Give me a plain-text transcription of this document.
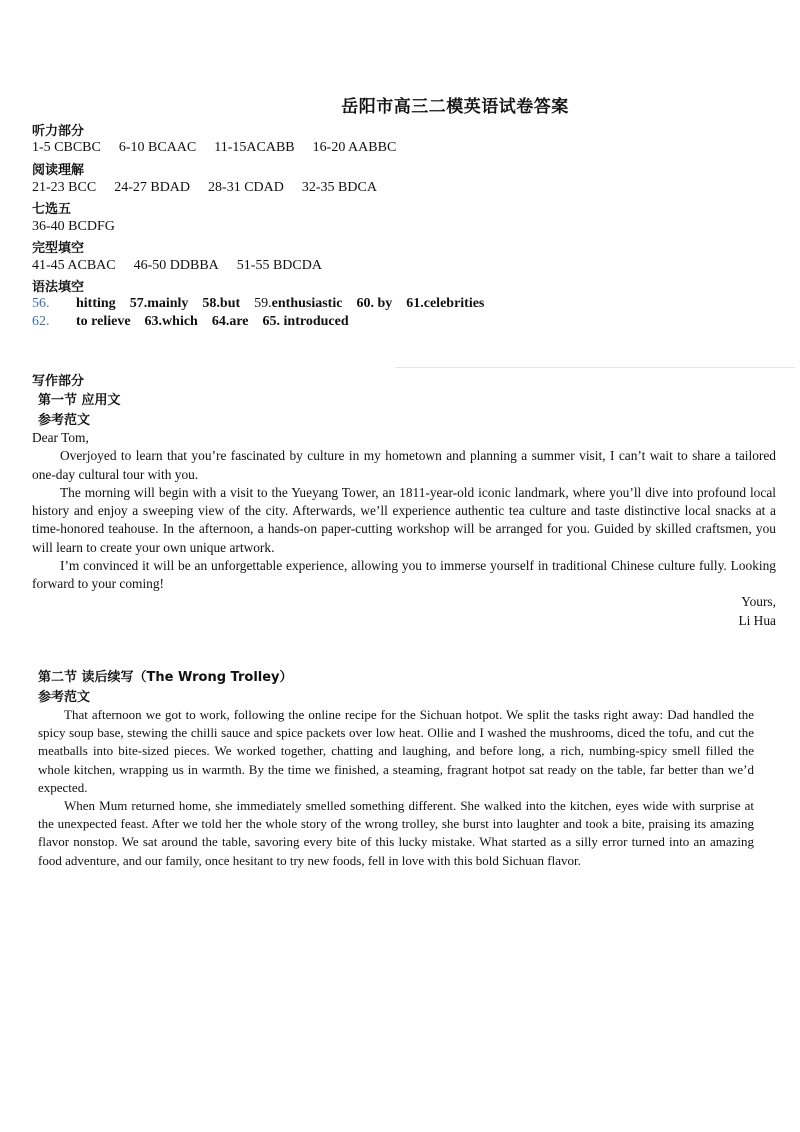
岳阳市高三二模英语试卷答案
听力部分
1-5 CBCBC 6-10 BCAAC 11-15ACABB 16-20 AABBC
阅读理解
21-23 BCC 24-27 BDAD 28-31 CDAD 32-35 BDCA
七选五
36-40 BCDFG
完型填空
41-45 ACBAC 46-50 DDBBA 51-55 BDCDA
语法填空
56. hitting 57.mainly 58.but 59.enthusiastic 60. by 61.celebrities
62. to relieve 63.which 64.are 65. introduced
写作部分
第一节 应用文
参考范文
Dear Tom,

Overjoyed to learn that you’re fascinated by culture in my hometown and planning a summer visit, I can’t wait to share a tailored one-day cultural tour with you.

The morning will begin with a visit to the Yueyang Tower, an 1811-year-old iconic landmark, where you’ll dive into profound local history and enjoy a sweeping view of the city. Afterwards, we’ll experience authentic tea culture and taste distinctive local snacks at a time-honored teahouse. In the afternoon, a hands-on paper-cutting workshop will be arranged for you. Guided by skilled craftsmen, you will learn to create your own unique artwork.

I’m convinced it will be an unforgettable experience, allowing you to immerse yourself in traditional Chinese culture fully. Looking forward to your coming!

Yours,
Li Hua
第二节 读后续写（The Wrong Trolley）
参考范文

That afternoon we got to work, following the online recipe for the Sichuan hotpot. We split the tasks right away: Dad handled the spicy soup base, stewing the chilli sauce and spice packets over low heat. Ollie and I washed the mushrooms, diced the tofu, and cut the meatballs into bite-sized pieces. We worked together, chatting and laughing, and before long, a rich, numbing-spicy smell filled the whole kitchen, wrapping us in warmth. By the time we finished, a steaming, fragrant hotpot sat ready on the table, far better than we’d expected.

When Mum returned home, she immediately smelled something different. She walked into the kitchen, eyes wide with surprise at the unexpected feast. After we told her the whole story of the wrong trolley, she burst into laughter and took a bite, praising its amazing flavor nonstop. We sat around the table, savoring every bite of this lucky mistake. What started as a silly error turned into an amazing food adventure, and our family, once hesitant to try new foods, fell in love with this bold Sichuan flavor.
